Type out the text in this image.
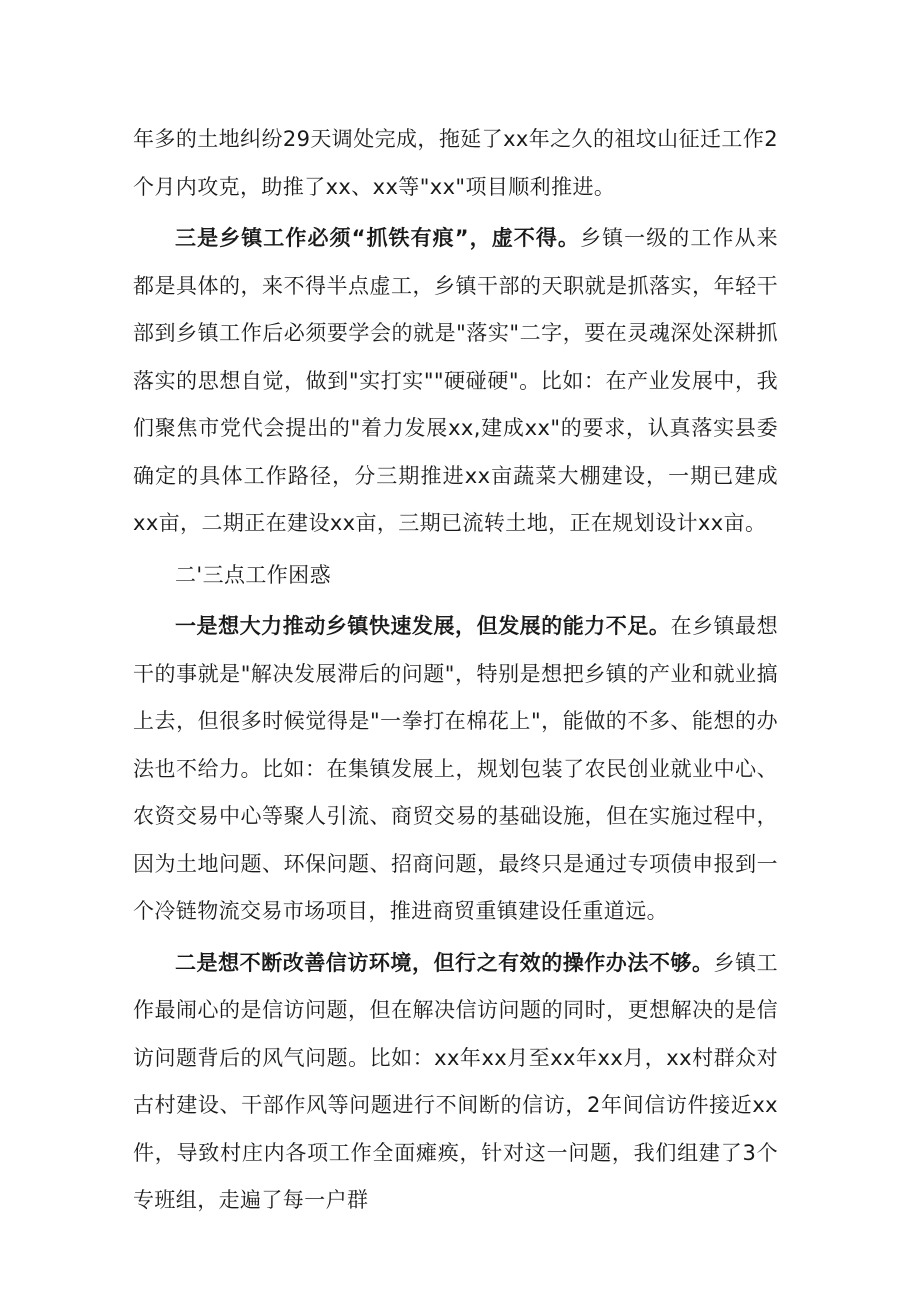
年多的土地纠纷29天调处完成，拖延了xx年之久的祖坟山征迁工作2个月内攻克，助推了xx、xx等"xx"项目顺利推进。

三是乡镇工作必须“抓铁有痕”，虚不得。乡镇一级的工作从来都是具体的，来不得半点虚工，乡镇干部的天职就是抓落实，年轻干部到乡镇工作后必须要学会的就是"落实"二字，要在灵魂深处深耕抓落实的思想自觉，做到"实打实""硬碰硬"。比如：在产业发展中，我们聚焦市党代会提出的"着力发展xx,建成xx"的要求，认真落实县委确定的具体工作路径，分三期推进xx亩蔬菜大棚建设，一期已建成xx亩，二期正在建设xx亩，三期已流转土地，正在规划设计xx亩。

二'三点工作困惑

一是想大力推动乡镇快速发展，但发展的能力不足。在乡镇最想干的事就是"解决发展滞后的问题"，特别是想把乡镇的产业和就业搞上去，但很多时候觉得是"一拳打在棉花上"，能做的不多、能想的办法也不给力。比如：在集镇发展上，规划包装了农民创业就业中心、农资交易中心等聚人引流、商贸交易的基础设施，但在实施过程中，因为土地问题、环保问题、招商问题，最终只是通过专项债申报到一个冷链物流交易市场项目，推进商贸重镇建设任重道远。

二是想不断改善信访环境，但行之有效的操作办法不够。乡镇工作最闹心的是信访问题，但在解决信访问题的同时，更想解决的是信访问题背后的风气问题。比如：xx年xx月至xx年xx月，xx村群众对古村建设、干部作风等问题进行不间断的信访，2年间信访件接近xx件，导致村庄内各项工作全面瘫痪，针对这一问题，我们组建了3个专班组，走遍了每一户群
